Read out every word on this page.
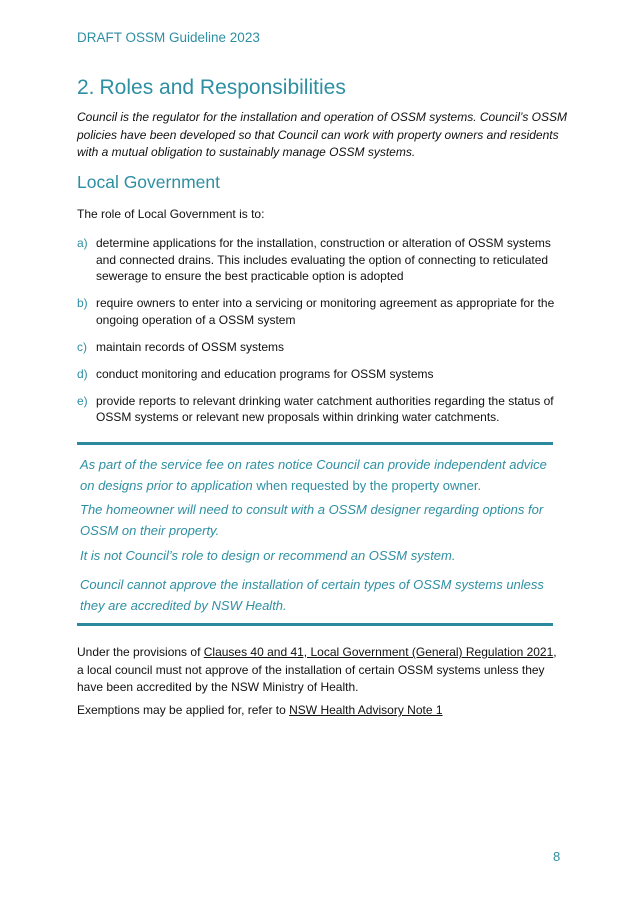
DRAFT OSSM Guideline 2023
2. Roles and Responsibilities
Council is the regulator for the installation and operation of OSSM systems. Council’s OSSM policies have been developed so that Council can work with property owners and residents with a mutual obligation to sustainably manage OSSM systems.
Local Government
The role of Local Government is to:
a) determine applications for the installation, construction or alteration of OSSM systems and connected drains. This includes evaluating the option of connecting to reticulated sewerage to ensure the best practicable option is adopted
b) require owners to enter into a servicing or monitoring agreement as appropriate for the ongoing operation of a OSSM system
c) maintain records of OSSM systems
d) conduct monitoring and education programs for OSSM systems
e) provide reports to relevant drinking water catchment authorities regarding the status of OSSM systems or relevant new proposals within drinking water catchments.

As part of the service fee on rates notice Council can provide independent advice on designs prior to application when requested by the property owner.

The homeowner will need to consult with a OSSM designer regarding options for OSSM on their property.

It is not Council’s role to design or recommend an OSSM system.

Council cannot approve the installation of certain types of OSSM systems unless they are accredited by NSW Health.

Under the provisions of Clauses 40 and 41, Local Government (General) Regulation 2021, a local council must not approve of the installation of certain OSSM systems unless they have been accredited by the NSW Ministry of Health.

Exemptions may be applied for, refer to NSW Health Advisory Note 1

8
